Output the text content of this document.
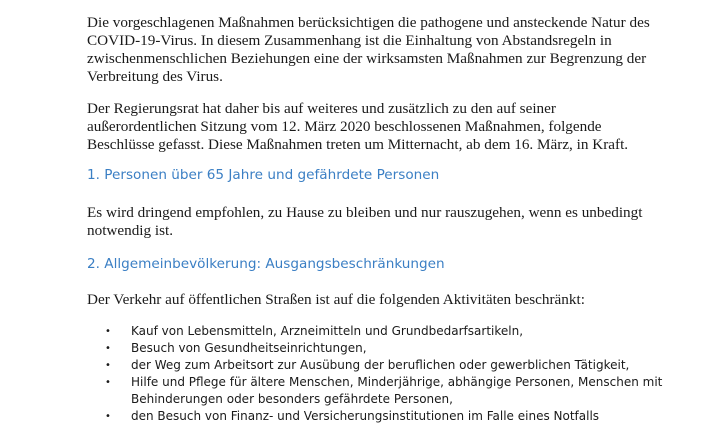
Die vorgeschlagenen Maßnahmen berücksichtigen die pathogene und ansteckende Natur des
COVID-19-Virus. In diesem Zusammenhang ist die Einhaltung von Abstandsregeln in
zwischenmenschlichen Beziehungen eine der wirksamsten Maßnahmen zur Begrenzung der
Verbreitung des Virus.

Der Regierungsrat hat daher bis auf weiteres und zusätzlich zu den auf seiner
außerordentlichen Sitzung vom 12. März 2020 beschlossenen Maßnahmen, folgende
Beschlüsse gefasst. Diese Maßnahmen treten um Mitternacht, ab dem 16. März, in Kraft.

1. Personen über 65 Jahre und gefährdete Personen

Es wird dringend empfohlen, zu Hause zu bleiben und nur rauszugehen, wenn es unbedingt
notwendig ist.

2. Allgemeinbevölkerung: Ausgangsbeschränkungen

Der Verkehr auf öffentlichen Straßen ist auf die folgenden Aktivitäten beschränkt:

• Kauf von Lebensmitteln, Arzneimitteln und Grundbedarfsartikeln,
• Besuch von Gesundheitseinrichtungen,
• der Weg zum Arbeitsort zur Ausübung der beruflichen oder gewerblichen Tätigkeit,
• Hilfe und Pflege für ältere Menschen, Minderjährige, abhängige Personen, Menschen mit
Behinderungen oder besonders gefährdete Personen,
• den Besuch von Finanz- und Versicherungsinstitutionen im Falle eines Notfalls
